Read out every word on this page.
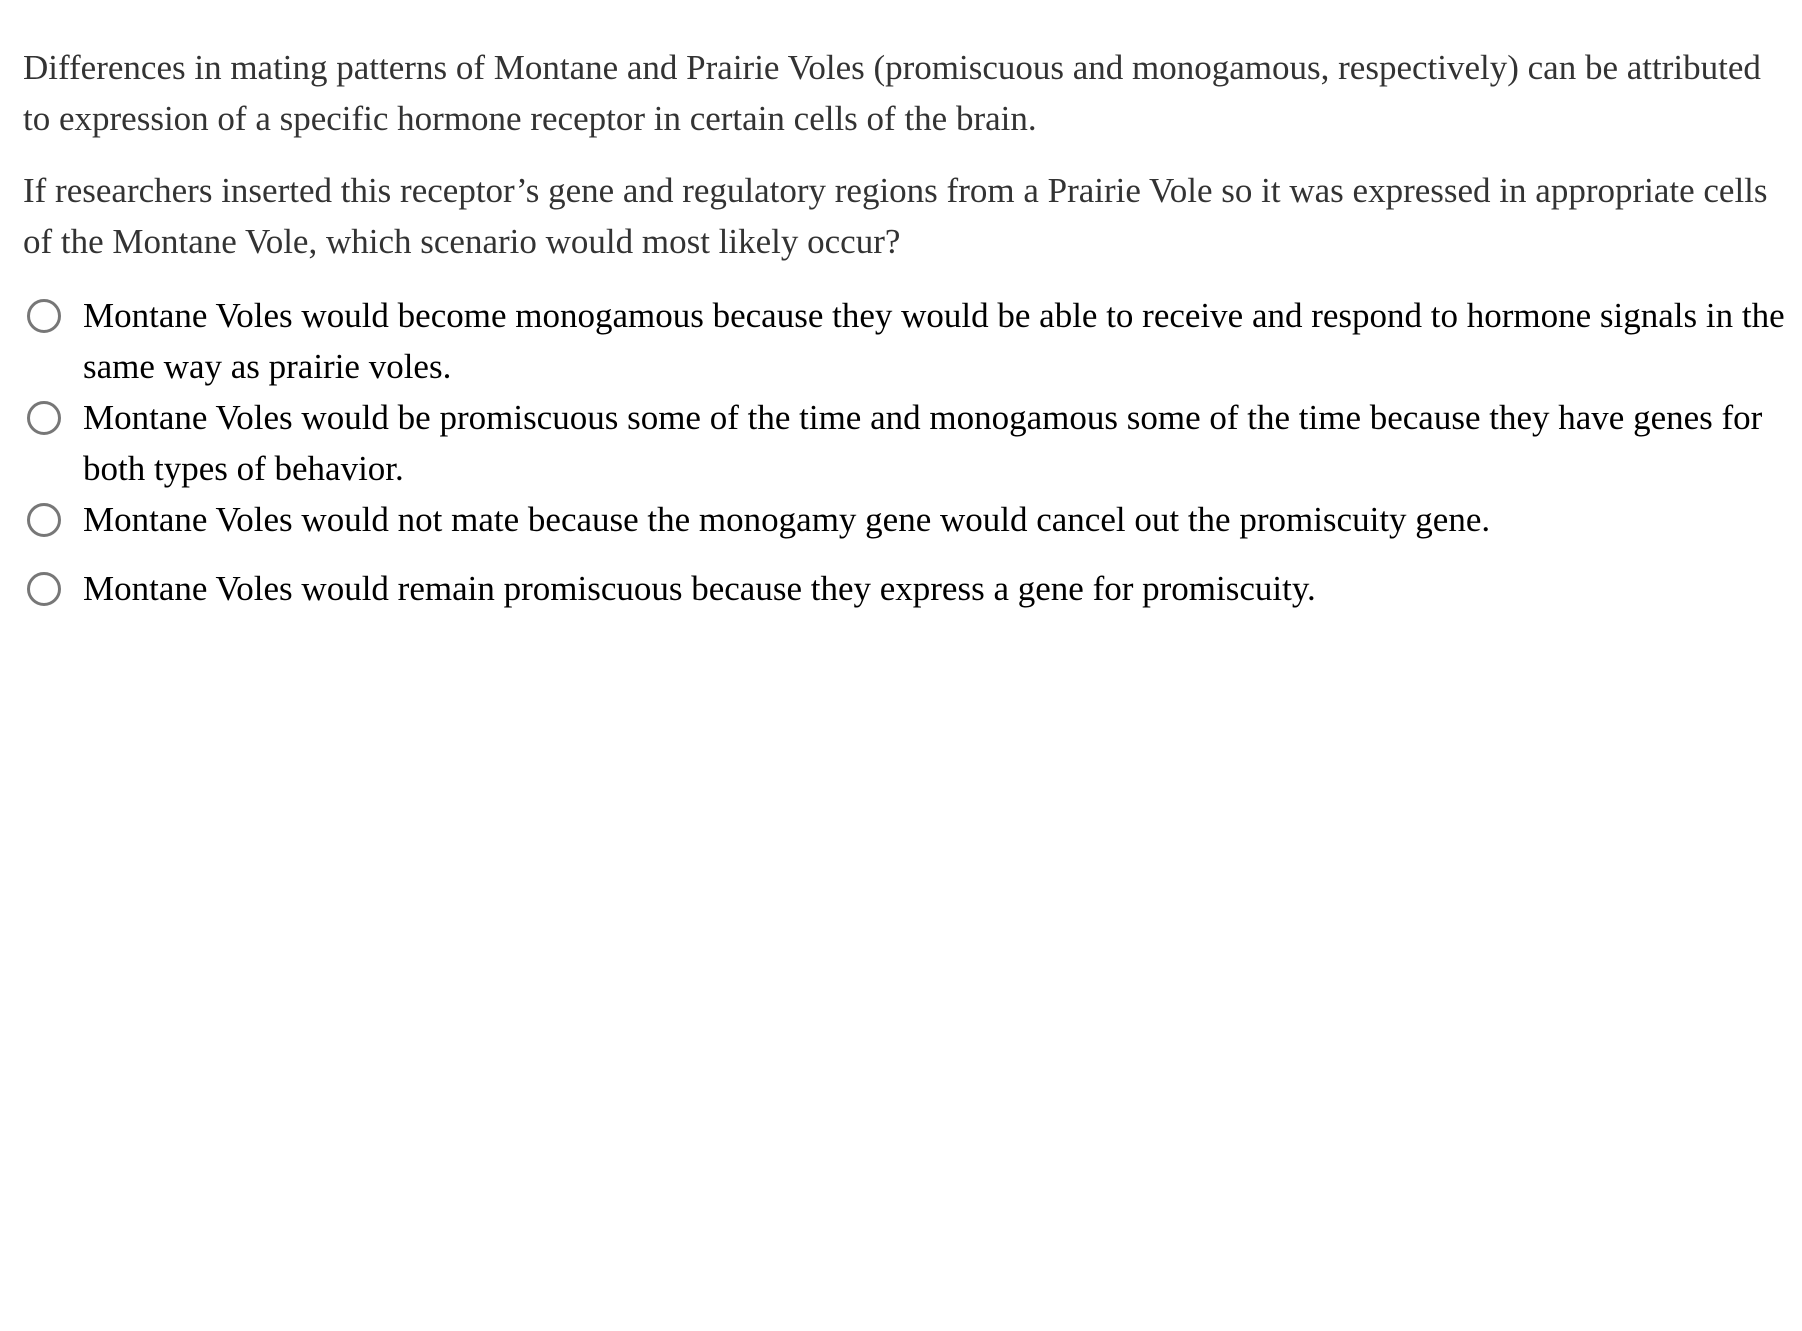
Differences in mating patterns of Montane and Prairie Voles (promiscuous and monogamous, respectively) can be attributed to expression of a specific hormone receptor in certain cells of the brain.

If researchers inserted this receptor’s gene and regulatory regions from a Prairie Vole so it was expressed in appropriate cells of the Montane Vole, which scenario would most likely occur?

Montane Voles would become monogamous because they would be able to receive and respond to hormone signals in the same way as prairie voles.
Montane Voles would be promiscuous some of the time and monogamous some of the time because they have genes for both types of behavior.
Montane Voles would not mate because the monogamy gene would cancel out the promiscuity gene.
Montane Voles would remain promiscuous because they express a gene for promiscuity.
